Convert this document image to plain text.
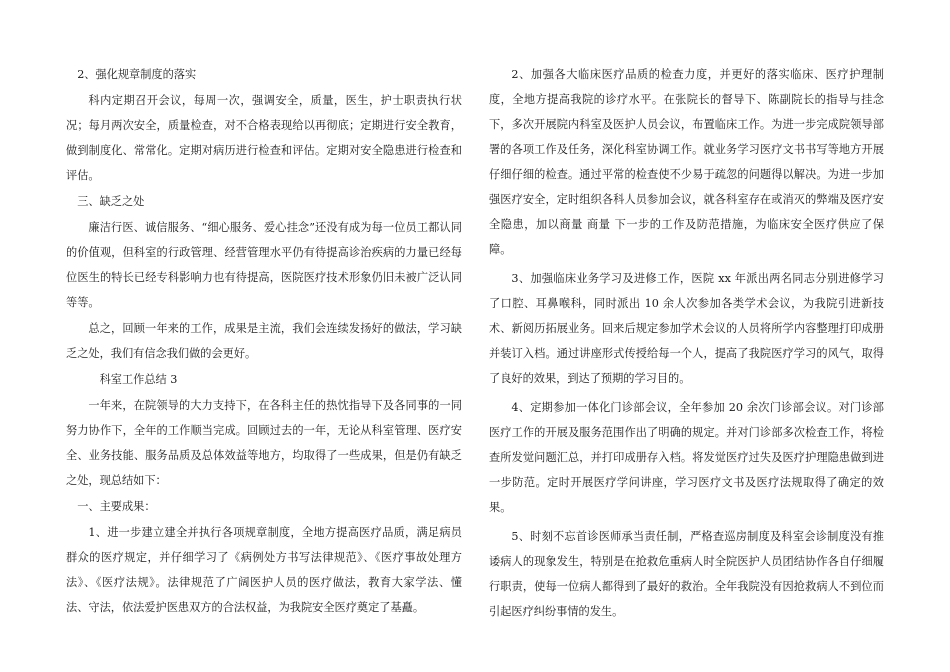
2、强化规章制度的落实

科内定期召开会议，每周一次，强调安全，质量，医生，护士职责执行状况；每月两次安全，质量检查，对不合格表现给以再彻底；定期进行安全教育，做到制度化、常常化。定期对病历进行检查和评估。定期对安全隐患进行检查和评估。

三、缺乏之处

廉洁行医、诚信服务、“细心服务、爱心挂念”还没有成为每一位员工都认同的价值观，但科室的行政管理、经营管理水平仍有待提高诊治疾病的力量已经每位医生的特长已经专科影响力也有待提高，医院医疗技术形象仍旧未被广泛认同等等。

总之，回顾一年来的工作，成果是主流，我们会连续发扬好的做法，学习缺乏之处，我们有信念我们做的会更好。

科室工作总结 3

一年来，在院领导的大力支持下，在各科主任的热忱指导下及各同事的一同努力协作下，全年的工作顺当完成。回顾过去的一年，无论从科室管理、医疗安全、业务技能、服务品质及总体效益等地方，均取得了一些成果，但是仍有缺乏之处，现总结如下：

一、主要成果：

1、进一步建立建全并执行各项规章制度，全地方提高医疗品质，满足病员群众的医疗规定，并仔细学习了《病例处方书写法律规范》、《医疗事故处理方法》、《医疗法规》。法律规范了广阔医护人员的医疗做法，教育大家学法、懂法、守法，依法爱护医患双方的合法权益，为我院安全医疗奠定了基矗。

2、加强各大临床医疗品质的检查力度，并更好的落实临床、医疗护理制度，全地方提高我院的诊疗水平。在张院长的督导下、陈副院长的指导与挂念下，多次开展院内科室及医护人员会议，布置临床工作。为进一步完成院领导部署的各项工作及任务，深化科室协调工作。就业务学习医疗文书书写等地方开展仔细仔细的检查。通过平常的检查使不少易于疏忽的问题得以解决。为进一步加强医疗安全，定时组织各科人员参加会议，就各科室存在或消灭的弊端及医疗安全隐患，加以商量 商量 下一步的工作及防范措施，为临床安全医疗供应了保障。

3、加强临床业务学习及进修工作，医院 xx 年派出两名同志分别进修学习了口腔、耳鼻喉科，同时派出 10 余人次参加各类学术会议，为我院引进新技术、新阅历拓展业务。回来后规定参加学术会议的人员将所学内容整理打印成册并装订入档。通过讲座形式传授给每一个人，提高了我院医疗学习的风气，取得了良好的效果，到达了预期的学习目的。

4、定期参加一体化门诊部会议，全年参加 20 余次门诊部会议。对门诊部医疗工作的开展及服务范围作出了明确的规定。并对门诊部多次检查工作，将检查所发觉问题汇总，并打印成册存入档。将发觉医疗过失及医疗护理隐患做到进一步防范。定时开展医疗学问讲座，学习医疗文书及医疗法规取得了确定的效果。

5、时刻不忘首诊医师承当责任制，严格查巡房制度及科室会诊制度没有推诿病人的现象发生，特别是在抢救危重病人时全院医护人员团结协作各自仔细履行职责，使每一位病人都得到了最好的救治。全年我院没有因抢救病人不到位而引起医疗纠纷事情的发生。
